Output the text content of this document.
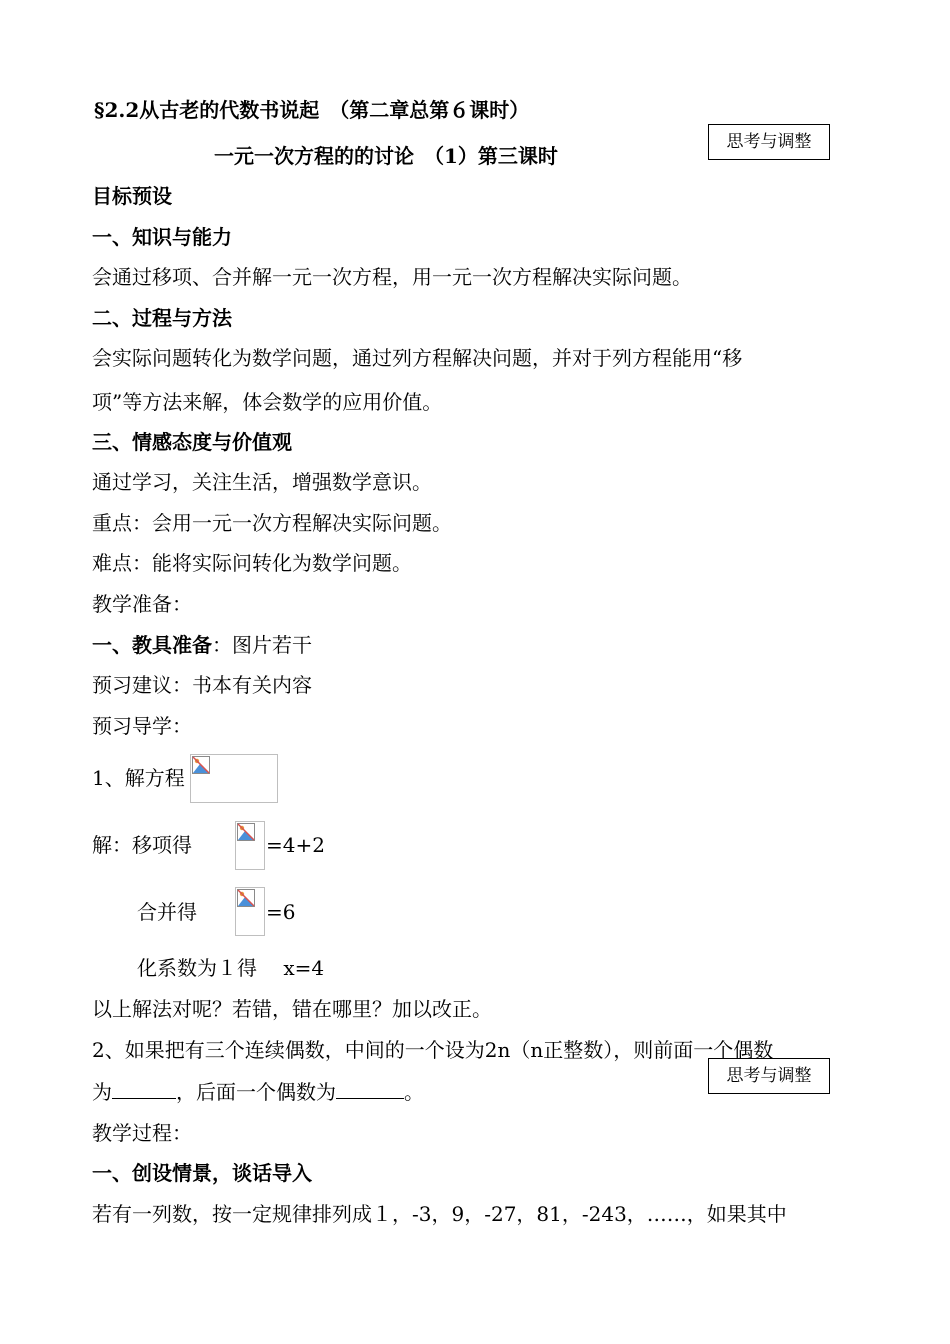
§2.2从古老的代数书说起　（第二章总第６课时）
一元一次方程的的讨论　（1）第三课时
思考与调整
目标预设
一、知识与能力
会通过移项、合并解一元一次方程，用一元一次方程解决实际问题。
二、过程与方法
会实际问题转化为数学问题，通过列方程解决问题，并对于列方程能用“移
项”等方法来解，体会数学的应用价值。
三、情感态度与价值观
通过学习，关注生活，增强数学意识。
重点：会用一元一次方程解决实际问题。
难点：能将实际问转化为数学问题。
教学准备：
一、教具准备：图片若干
预习建议：书本有关内容
预习导学：
1、解方程
解：移项得	=4+2
合并得	=6
化系数为１得　 x=4
以上解法对呢？若错，错在哪里？加以改正。
2、如果把有三个连续偶数，中间的一个设为2n（n正整数），则前面一个偶数
为	，后面一个偶数为	。
思考与调整
教学过程：
一、创设情景，谈话导入
若有一列数，按一定规律排列成１，-3，9，-27，81，-243，……，如果其中
